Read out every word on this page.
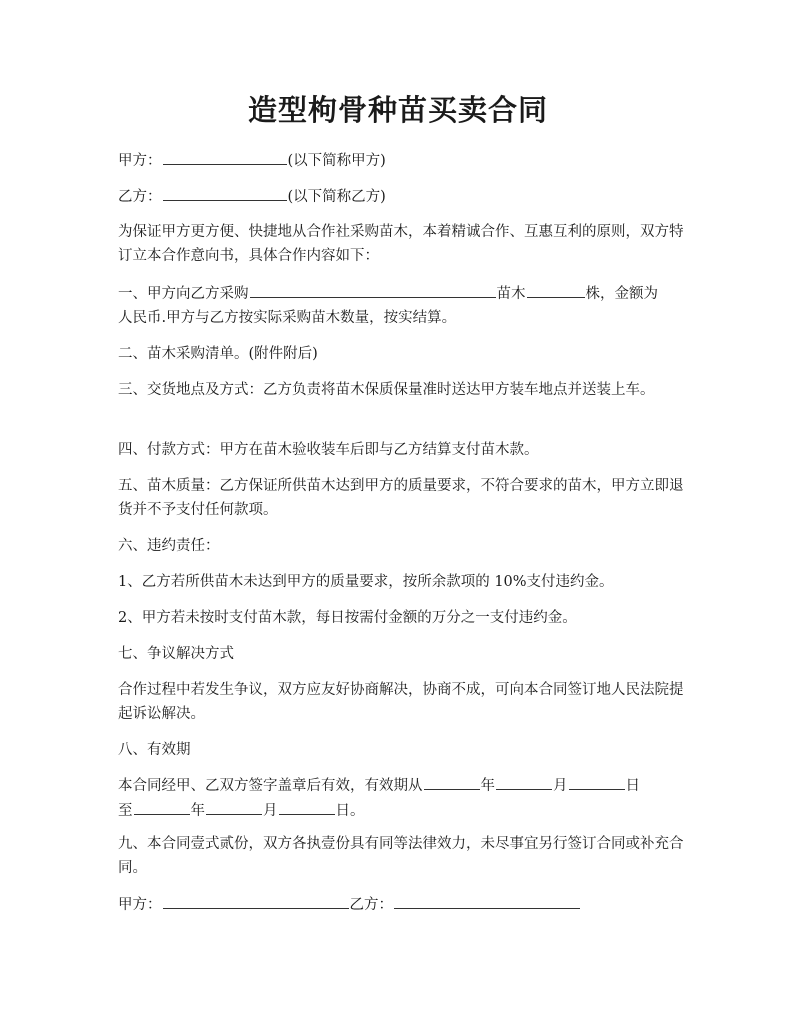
造型枸骨种苗买卖合同

甲方：	(以下简称甲方)

乙方：	(以下简称乙方)

为保证甲方更方便、快捷地从合作社采购苗木，本着精诚合作、互惠互利的原则，双方特订立本合作意向书，具体合作内容如下：

一、甲方向乙方采购	苗木	株，金额为
人民币.甲方与乙方按实际采购苗木数量，按实结算。

二、苗木采购清单。(附件附后)

三、交货地点及方式：乙方负责将苗木保质保量准时送达甲方装车地点并送装上车。

四、付款方式：甲方在苗木验收装车后即与乙方结算支付苗木款。

五、苗木质量：乙方保证所供苗木达到甲方的质量要求，不符合要求的苗木，甲方立即退货并不予支付任何款项。

六、违约责任：

1、乙方若所供苗木未达到甲方的质量要求，按所余款项的 10%支付违约金。

2、甲方若未按时支付苗木款，每日按需付金额的万分之一支付违约金。

七、争议解决方式

合作过程中若发生争议，双方应友好协商解决，协商不成，可向本合同签订地人民法院提起诉讼解决。

八、有效期

本合同经甲、乙双方签字盖章后有效，有效期从	年	月	日
至	年	月	日。

九、本合同壹式贰份，双方各执壹份具有同等法律效力，未尽事宜另行签订合同或补充合同。

甲方：	乙方：
